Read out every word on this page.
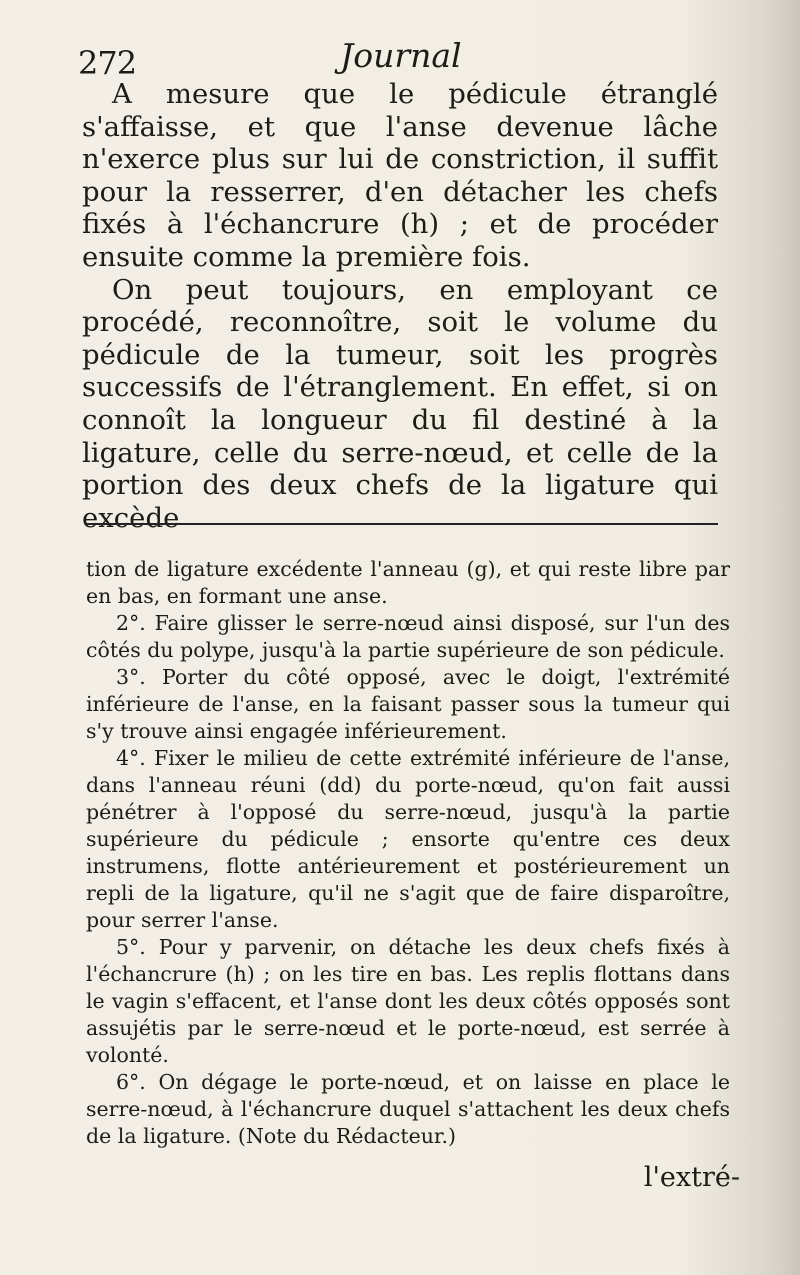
272	Journal

A mesure que le pédicule étranglé s'affaisse, et que l'anse devenue lâche n'exerce plus sur lui de constriction, il suffit pour la resserrer, d'en détacher les chefs fixés à l'échancrure (h) ; et de procéder ensuite comme la première fois.

On peut toujours, en employant ce procédé, reconnoître, soit le volume du pédicule de la tumeur, soit les progrès successifs de l'étranglement. En effet, si on connoît la longueur du fil destiné à la ligature, celle du serre-nœud, et celle de la portion des deux chefs de la ligature qui excède

tion de ligature excédente l'anneau (g), et qui reste libre par en bas, en formant une anse.

2°. Faire glisser le serre-nœud ainsi disposé, sur l'un des côtés du polype, jusqu'à la partie supérieure de son pédicule.

3°. Porter du côté opposé, avec le doigt, l'extrémité inférieure de l'anse, en la faisant passer sous la tumeur qui s'y trouve ainsi engagée inférieurement.

4°. Fixer le milieu de cette extrémité inférieure de l'anse, dans l'anneau réuni (dd) du porte-nœud, qu'on fait aussi pénétrer à l'opposé du serre-nœud, jusqu'à la partie supérieure du pédicule ; ensorte qu'entre ces deux instrumens, flotte antérieurement et postérieurement un repli de la ligature, qu'il ne s'agit que de faire disparoître, pour serrer l'anse.

5°. Pour y parvenir, on détache les deux chefs fixés à l'échancrure (h) ; on les tire en bas. Les replis flottans dans le vagin s'effacent, et l'anse dont les deux côtés opposés sont assujétis par le serre-nœud et le porte-nœud, est serrée à volonté.

6°. On dégage le porte-nœud, et on laisse en place le serre-nœud, à l'échancrure duquel s'attachent les deux chefs de la ligature. (Note du Rédacteur.)

l'extré-
